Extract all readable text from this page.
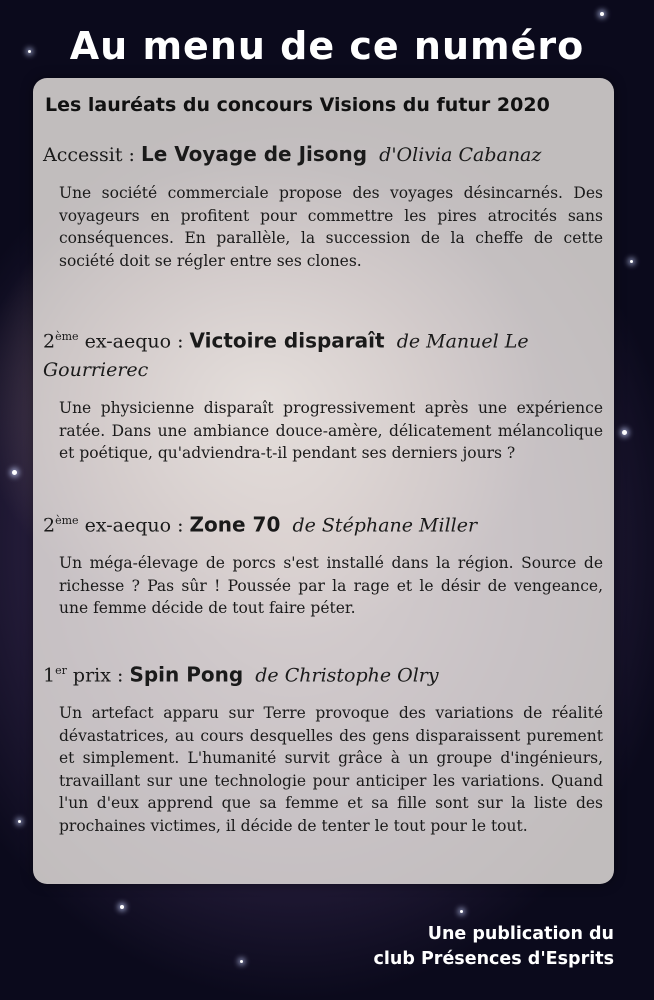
Au menu de ce numéro
Les lauréats du concours Visions du futur 2020

Accessit : Le Voyage de Jisong d'Olivia Cabanaz

Une société commerciale propose des voyages désincarnés. Des voyageurs en profitent pour commettre les pires atrocités sans conséquences. En parallèle, la succession de la cheffe de cette société doit se régler entre ses clones.

2ème ex-aequo : Victoire disparaît de Manuel Le Gourrierec

Une physicienne disparaît progressivement après une expérience ratée. Dans une ambiance douce-amère, délicatement mélancolique et poétique, qu'adviendra-t-il pendant ses derniers jours ?

2ème ex-aequo : Zone 70 de Stéphane Miller

Un méga-élevage de porcs s'est installé dans la région. Source de richesse ? Pas sûr ! Poussée par la rage et le désir de vengeance, une femme décide de tout faire péter.

1er prix : Spin Pong de Christophe Olry

Un artefact apparu sur Terre provoque des variations de réalité dévastatrices, au cours desquelles des gens disparaissent purement et simplement. L'humanité survit grâce à un groupe d'ingénieurs, travaillant sur une technologie pour anticiper les variations. Quand l'un d'eux apprend que sa femme et sa fille sont sur la liste des prochaines victimes, il décide de tenter le tout pour le tout.

Une publication du
club Présences d'Esprits
